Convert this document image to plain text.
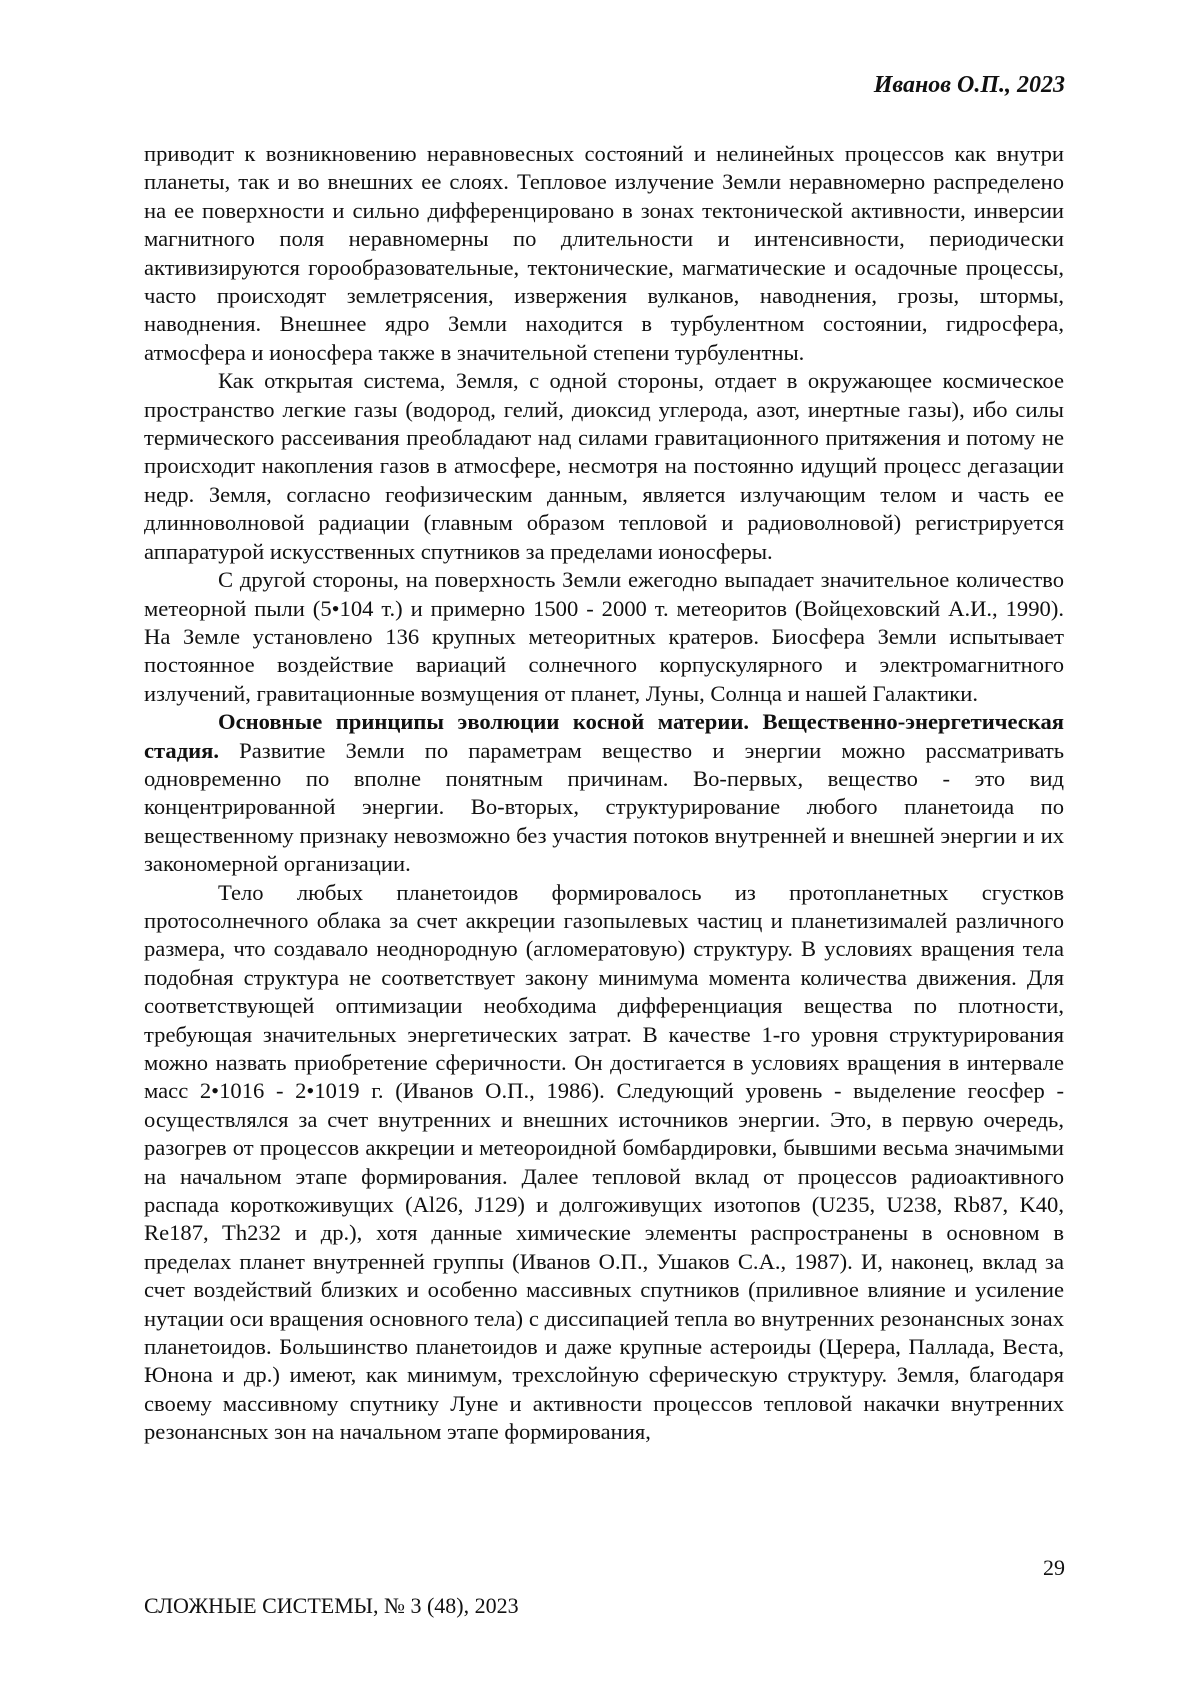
Иванов О.П., 2023

приводит к возникновению неравновесных состояний и нелинейных процессов как внутри планеты, так и во внешних ее слоях. Тепловое излучение Земли неравномерно распределено на ее поверхности и сильно дифференцировано в зонах тектонической активности, инверсии магнитного поля неравномерны по длительности и интенсивности, периодически активизируются горообразовательные, тектонические, магматические и осадочные процессы, часто происходят землетрясения, извержения вулканов, наводнения, грозы, штормы, наводнения. Внешнее ядро Земли находится в турбулентном состоянии, гидросфера, атмосфера и ионосфера также в значительной степени турбулентны.

Как открытая система, Земля, с одной стороны, отдает в окружающее космическое пространство легкие газы (водород, гелий, диоксид углерода, азот, инертные газы), ибо силы термического рассеивания преобладают над силами гравитационного притяжения и потому не происходит накопления газов в атмосфере, несмотря на постоянно идущий процесс дегазации недр. Земля, согласно геофизическим данным, является излучающим телом и часть ее длинноволновой радиации (главным образом тепловой и радиоволновой) регистрируется аппаратурой искусственных спутников за пределами ионосферы.

С другой стороны, на поверхность Земли ежегодно выпадает значительное количество метеорной пыли (5•104 т.) и примерно 1500 - 2000 т. метеоритов (Войцеховский А.И., 1990). На Земле установлено 136 крупных метеоритных кратеров. Биосфера Земли испытывает постоянное воздействие вариаций солнечного корпускулярного и электромагнитного излучений, гравитационные возмущения от планет, Луны, Солнца и нашей Галактики.

Основные принципы эволюции косной материи. Вещественно-энергетическая стадия. Развитие Земли по параметрам вещество и энергии можно рассматривать одновременно по вполне понятным причинам. Во-первых, вещество - это вид концентрированной энергии. Во-вторых, структурирование любого планетоида по вещественному признаку невозможно без участия потоков внутренней и внешней энергии и их закономерной организации.

Тело любых планетоидов формировалось из протопланетных сгустков протосолнечного облака за счет аккреции газопылевых частиц и планетизималей различного размера, что создавало неоднородную (агломератовую) структуру. В условиях вращения тела подобная структура не соответствует закону минимума момента количества движения. Для соответствующей оптимизации необходима дифференциация вещества по плотности, требующая значительных энергетических затрат. В качестве 1-го уровня структурирования можно назвать приобретение сферичности. Он достигается в условиях вращения в интервале масс 2•1016 - 2•1019 г. (Иванов О.П., 1986). Следующий уровень - выделение геосфер - осуществлялся за счет внутренних и внешних источников энергии. Это, в первую очередь, разогрев от процессов аккреции и метеороидной бомбардировки, бывшими весьма значимыми на начальном этапе формирования. Далее тепловой вклад от процессов радиоактивного распада короткоживущих (Al26, J129) и долгоживущих изотопов (U235, U238, Rb87, K40, Re187, Th232 и др.), хотя данные химические элементы распространены в основном в пределах планет внутренней группы (Иванов О.П., Ушаков С.А., 1987). И, наконец, вклад за счет воздействий близких и особенно массивных спутников (приливное влияние и усиление нутации оси вращения основного тела) с диссипацией тепла во внутренних резонансных зонах планетоидов. Большинство планетоидов и даже крупные астероиды (Церера, Паллада, Веста, Юнона и др.) имеют, как минимум, трехслойную сферическую структуру. Земля, благодаря своему массивному спутнику Луне и активности процессов тепловой накачки внутренних резонансных зон на начальном этапе формирования,

29
СЛОЖНЫЕ СИСТЕМЫ, № 3 (48), 2023
